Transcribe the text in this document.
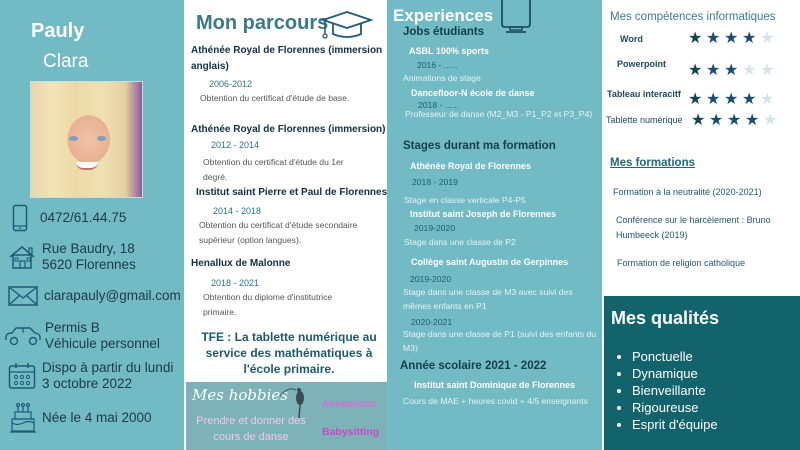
Pauly
Clara
0472/61.44.75
Rue Baudry, 18
5620 Florennes
clarapauly@gmail.com
Permis B
Véhicule personnel
Dispo à partir du lundi
3 octobre 2022
Née le 4 mai 2000
Mon parcours
Athénée Royal de Florennes (immersion anglais)
2006-2012
Obtention du certificat d'étude de base.
Athénée Royal de Florennes (immersion)
2012 - 2014
Obtention du certificat d'étude du 1er degré.
Institut saint Pierre et Paul de Florennes
2014 - 2018
Obtention du certificat d'étude secondaire supérieur (option langues).
Henallux de Malonne
2018 - 2021
Obtention du diplome d'institutrice primaire.
TFE : La tablette numérique au service des mathématiques à l'école primaire.
Mes hobbies
Prendre et donner des cours de danse
Animations
Babysitting
Experiences
Jobs étudiants
ASBL 100% sports
2016 - ......
Animations de stage
Dancefloor-N école de danse
2018 - ......
Professeur de danse (M2_M3 - P1_P2 et P3_P4)
Stages durant ma formation
Athénée Royal de Florennes
2018 - 2019
Stage en classe verticale P4-P5
Institut saint Joseph de Florennes
2019-2020
Stage dans une classe de P2
Collège saint Augustin de Gerpinnes
2019-2020
Stage dans une classe de M3 avec suivi des mêmes enfants en P1
2020-2021
Stage dans une classe de P1 (suivi des enfants du M3)
Année scolaire 2021 - 2022
Institut saint Dominique de Florennes
Cours de MAE + heures covid + 4/5 enseignants
Mes compétences informatiques
Word	★ ★ ★ ★ ★
Powerpoint ★ ★ ★ ★ ★
Tableau interacitf ★ ★ ★ ★ ★
Tablette numérique ★ ★ ★ ★ ★
Mes formations
Formation à la neutralité (2020-2021)
Conférence sur le harcèlement : Bruno Humbeeck (2019)
Formation de religion catholique
Mes qualités
• Ponctuelle
• Dynamique
• Bienveillante
• Rigoureuse
• Esprit d'équipe
